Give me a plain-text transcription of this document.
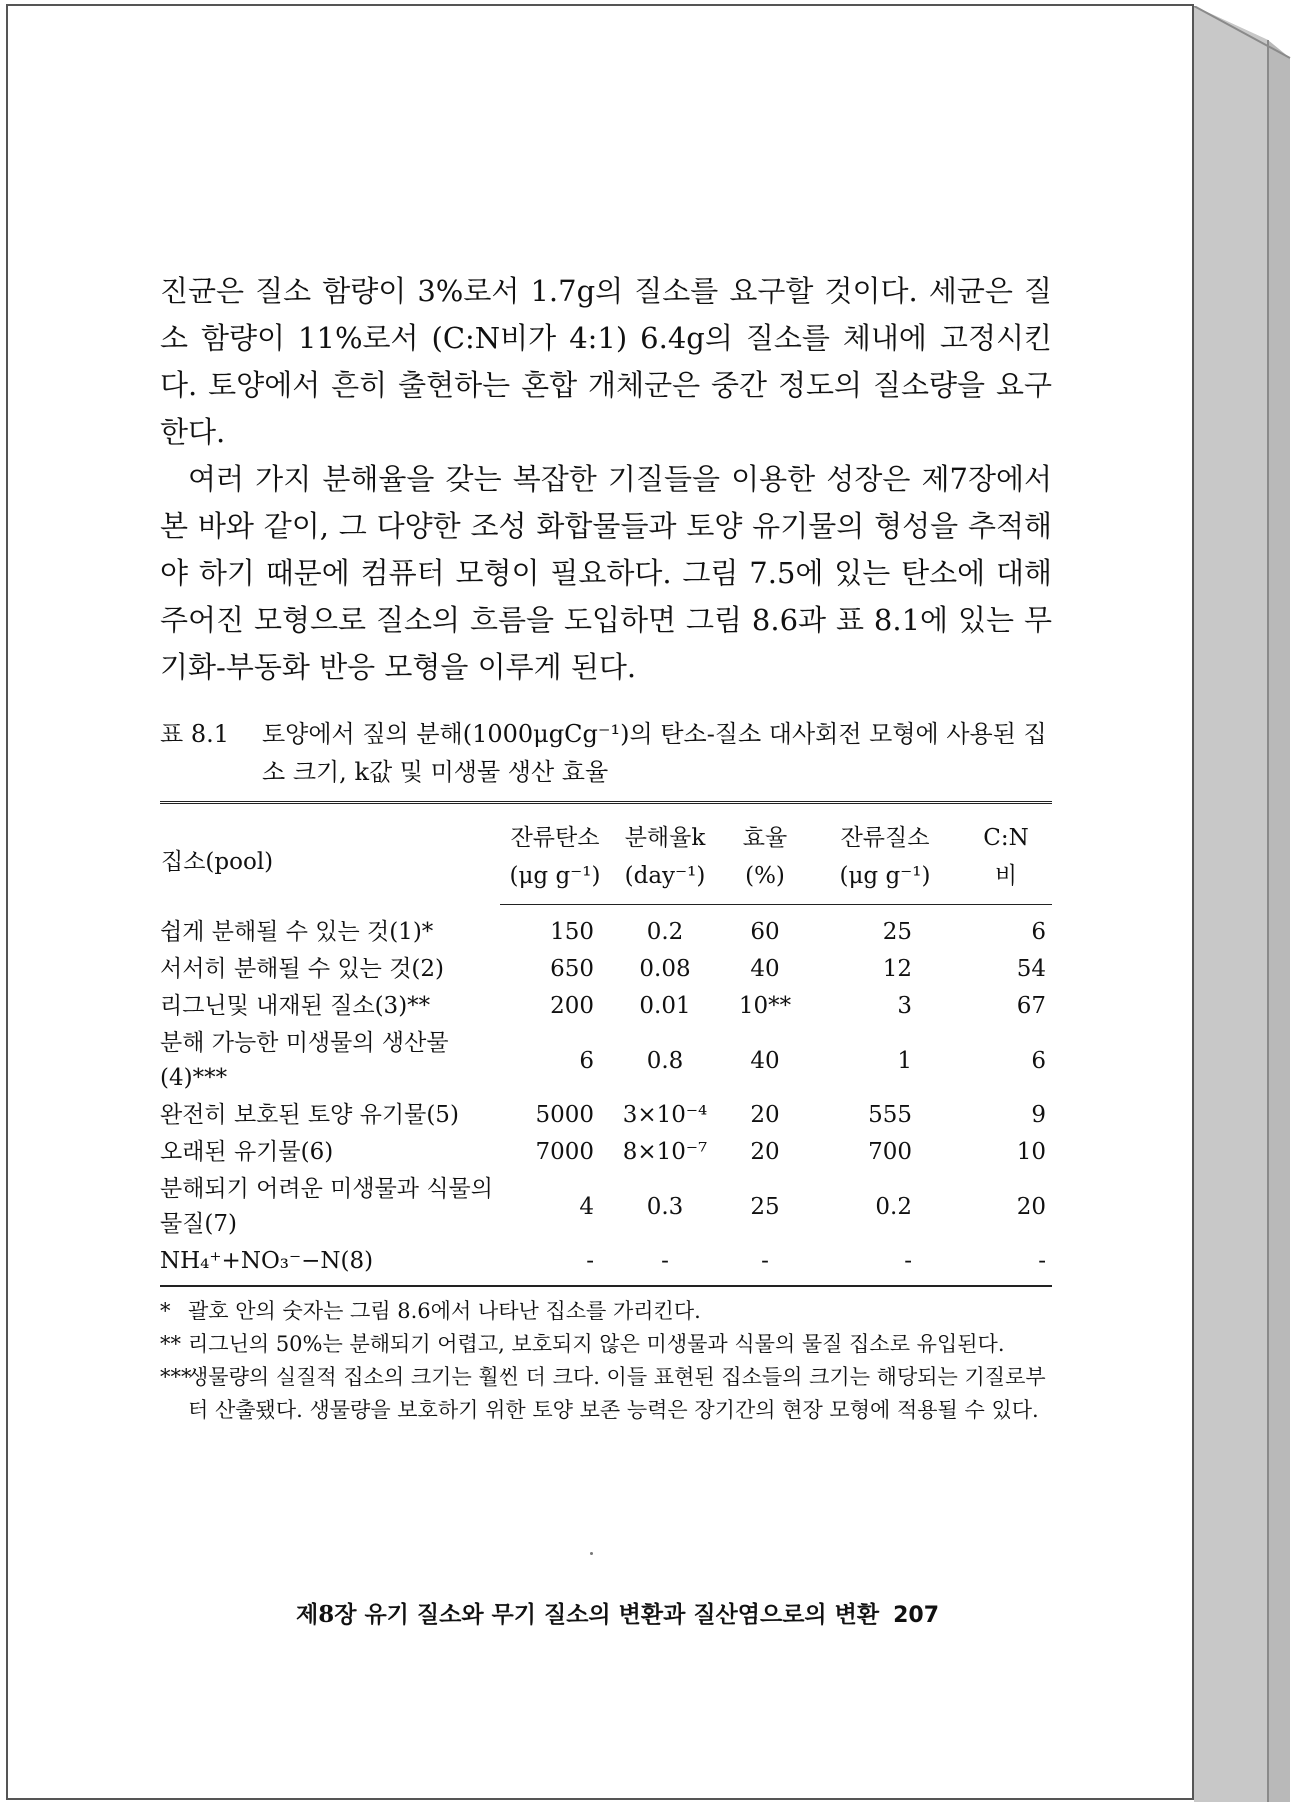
진균은 질소 함량이 3%로서 1.7g의 질소를 요구할 것이다. 세균은 질소 함량이 11%로서 (C:N비가 4:1) 6.4g의 질소를 체내에 고정시킨다. 토양에서 흔히 출현하는 혼합 개체군은 중간 정도의 질소량을 요구한다.

여러 가지 분해율을 갖는 복잡한 기질들을 이용한 성장은 제7장에서 본 바와 같이, 그 다양한 조성 화합물들과 토양 유기물의 형성을 추적해야 하기 때문에 컴퓨터 모형이 필요하다. 그림 7.5에 있는 탄소에 대해 주어진 모형으로 질소의 흐름을 도입하면 그림 8.6과 표 8.1에 있는 무기화-부동화 반응 모형을 이루게 된다.

표 8.1 토양에서 짚의 분해(1000μgCg⁻¹)의 탄소-질소 대사회전 모형에 사용된 집소 크기, k값 및 미생물 생산 효율
집소(pool)	잔류탄소	분해율k	효율	잔류질소	C:N
	(μg g⁻¹)	(day⁻¹)	(%)	(μg g⁻¹)	비
쉽게 분해될 수 있는 것(1)*	150	0.2	60	25	6
서서히 분해될 수 있는 것(2)	650	0.08	40	12	54
리그닌및 내재된 질소(3)**	200	0.01	10**	3	67
분해 가능한 미생물의 생산물 (4)***	6	0.8	40	1	6
완전히 보호된 토양 유기물(5)	5000	3×10⁻⁴	20	555	9
오래된 유기물(6)	7000	8×10⁻⁷	20	700	10
분해되기 어려운 미생물과 식물의 물질(7)	4	0.3	25	0.2	20
NH₄⁺+NO₃⁻−N(8)	-	-	-	-	-
* 괄호 안의 숫자는 그림 8.6에서 나타난 집소를 가리킨다.
** 리그닌의 50%는 분해되기 어렵고, 보호되지 않은 미생물과 식물의 물질 집소로 유입된다.
***
생물량의 실질적 집소의 크기는 훨씬 더 크다. 이들 표현된 집소들의 크기는 해당되는 기질로부터 산출됐다. 생물량을 보호하기 위한 토양 보존 능력은 장기간의 현장 모형에 적용될 수 있다.
제8장 유기 질소와 무기 질소의 변환과 질산염으로의 변환 207
